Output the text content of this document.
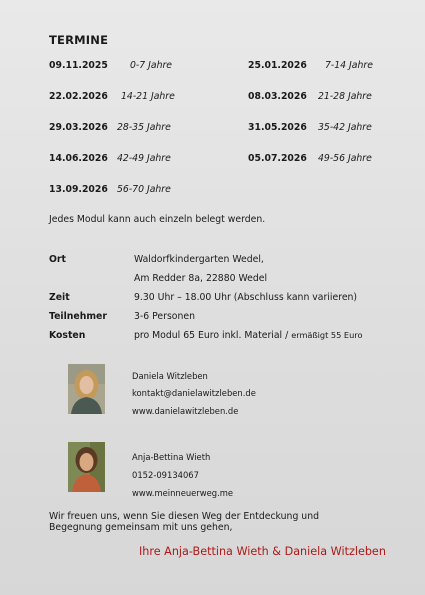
TERMINE
09.11.2025 0-7 Jahre	25.01.2026 7-14 Jahre
22.02.2026 14-21 Jahre	08.03.2026 21-28 Jahre
29.03.2026 28-35 Jahre	31.05.2026 35-42 Jahre
14.06.2026 42-49 Jahre	05.07.2026 49-56 Jahre
13.09.2026 56-70 Jahre
Jedes Modul kann auch einzeln belegt werden.
Ort	Waldorfkindergarten Wedel,
Am Redder 8a, 22880 Wedel
Zeit	9.30 Uhr – 18.00 Uhr (Abschluss kann variieren)
Teilnehmer	3-6 Personen
Kosten	pro Modul 65 Euro inkl. Material / ermäßigt 55 Euro
Daniela Witzleben
kontakt@danielawitzleben.de
www.danielawitzleben.de
Anja-Bettina Wieth
0152-09134067
www.meinneuerweg.me
Wir freuen uns, wenn Sie diesen Weg der Entdeckung und
Begegnung gemeinsam mit uns gehen,
Ihre Anja-Bettina Wieth & Daniela Witzleben
